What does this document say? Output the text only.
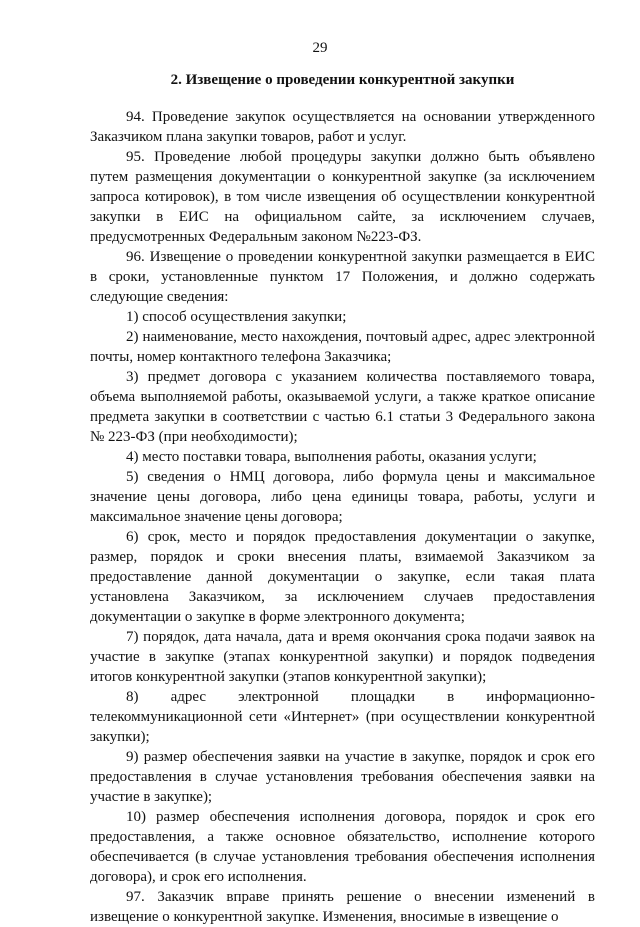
29
2. Извещение о проведении конкурентной закупки

94. Проведение закупок осуществляется на основании утвержденного Заказчиком плана закупки товаров, работ и услуг.

95. Проведение любой процедуры закупки должно быть объявлено путем размещения документации о конкурентной закупке (за исключением запроса котировок), в том числе извещения об осуществлении конкурентной закупки в ЕИС на официальном сайте, за исключением случаев, предусмотренных Федеральным законом №223-ФЗ.

96. Извещение о проведении конкурентной закупки размещается в ЕИС в сроки, установленные пунктом 17 Положения, и должно содержать следующие сведения:

1) способ осуществления закупки;

2) наименование, место нахождения, почтовый адрес, адрес электронной почты, номер контактного телефона Заказчика;

3) предмет договора с указанием количества поставляемого товара, объема выполняемой работы, оказываемой услуги, а также краткое описание предмета закупки в соответствии с частью 6.1 статьи 3 Федерального закона № 223-ФЗ (при необходимости);

4) место поставки товара, выполнения работы, оказания услуги;

5) сведения о НМЦ договора, либо формула цены и максимальное значение цены договора, либо цена единицы товара, работы, услуги и максимальное значение цены договора;

6) срок, место и порядок предоставления документации о закупке, размер, порядок и сроки внесения платы, взимаемой Заказчиком за предоставление данной документации о закупке, если такая плата установлена Заказчиком, за исключением случаев предоставления документации о закупке в форме электронного документа;

7) порядок, дата начала, дата и время окончания срока подачи заявок на участие в закупке (этапах конкурентной закупки) и порядок подведения итогов конкурентной закупки (этапов конкурентной закупки);

8) адрес электронной площадки в информационно-телекоммуникационной сети «Интернет» (при осуществлении конкурентной закупки);

9) размер обеспечения заявки на участие в закупке, порядок и срок его предоставления в случае установления требования обеспечения заявки на участие в закупке);

10) размер обеспечения исполнения договора, порядок и срок его предоставления, а также основное обязательство, исполнение которого обеспечивается (в случае установления требования обеспечения исполнения договора), и срок его исполнения.

97. Заказчик вправе принять решение о внесении изменений в извещение о конкурентной закупке. Изменения, вносимые в извещение о
